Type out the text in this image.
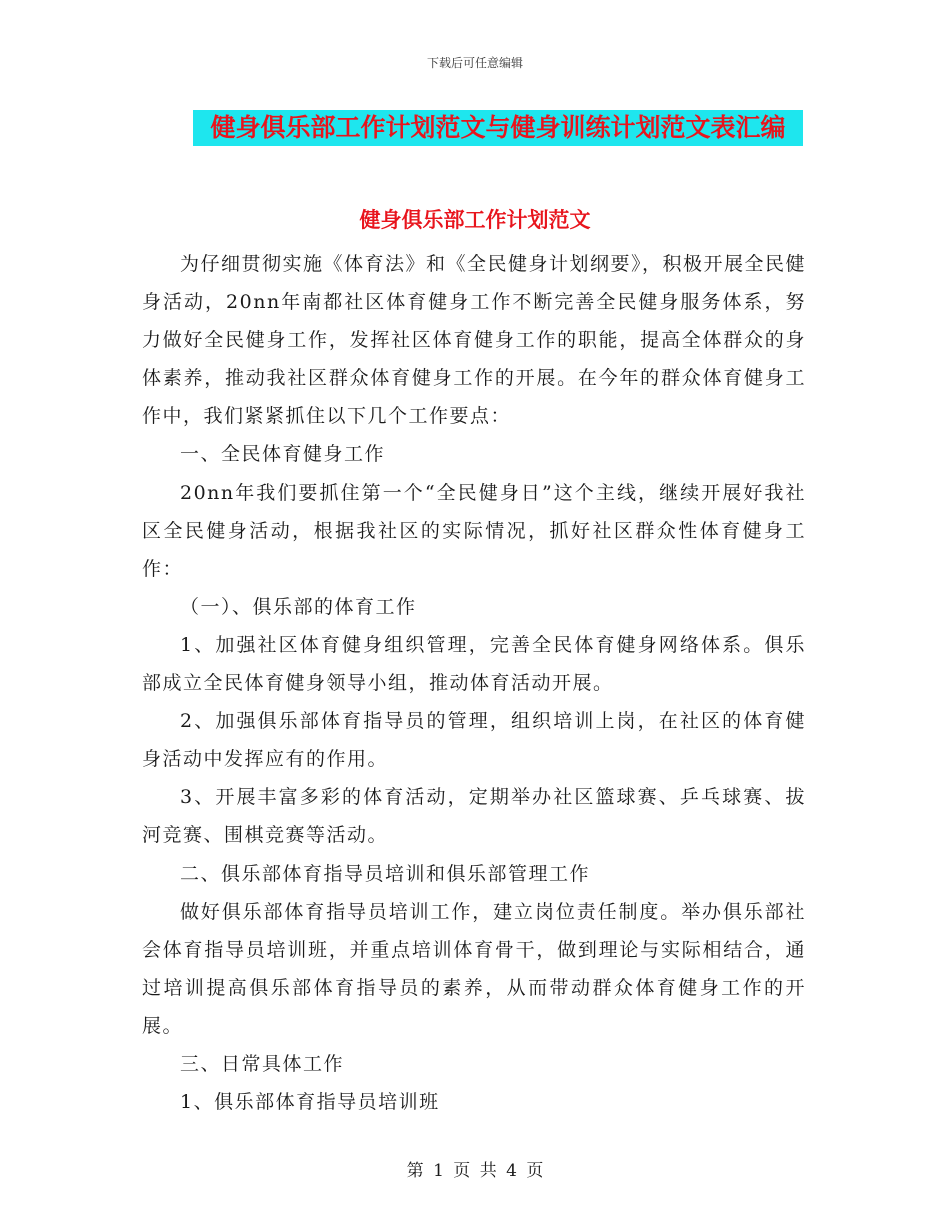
下载后可任意编辑
健身俱乐部工作计划范文与健身训练计划范文表汇编
健身俱乐部工作计划范文

为仔细贯彻实施《体育法》和《全民健身计划纲要》，积极开展全民健身活动，20nn年南都社区体育健身工作不断完善全民健身服务体系，努力做好全民健身工作，发挥社区体育健身工作的职能，提高全体群众的身体素养，推动我社区群众体育健身工作的开展。在今年的群众体育健身工作中，我们紧紧抓住以下几个工作要点：

一、全民体育健身工作

20nn年我们要抓住第一个“全民健身日”这个主线，继续开展好我社区全民健身活动，根据我社区的实际情况，抓好社区群众性体育健身工作：

（一）、俱乐部的体育工作

1、加强社区体育健身组织管理，完善全民体育健身网络体系。俱乐部成立全民体育健身领导小组，推动体育活动开展。

2、加强俱乐部体育指导员的管理，组织培训上岗，在社区的体育健身活动中发挥应有的作用。

3、开展丰富多彩的体育活动，定期举办社区篮球赛、乒乓球赛、拔河竞赛、围棋竞赛等活动。

二、俱乐部体育指导员培训和俱乐部管理工作

做好俱乐部体育指导员培训工作，建立岗位责任制度。举办俱乐部社会体育指导员培训班，并重点培训体育骨干，做到理论与实际相结合，通过培训提高俱乐部体育指导员的素养，从而带动群众体育健身工作的开展。

三、日常具体工作

1、俱乐部体育指导员培训班

第 1 页 共 4 页
